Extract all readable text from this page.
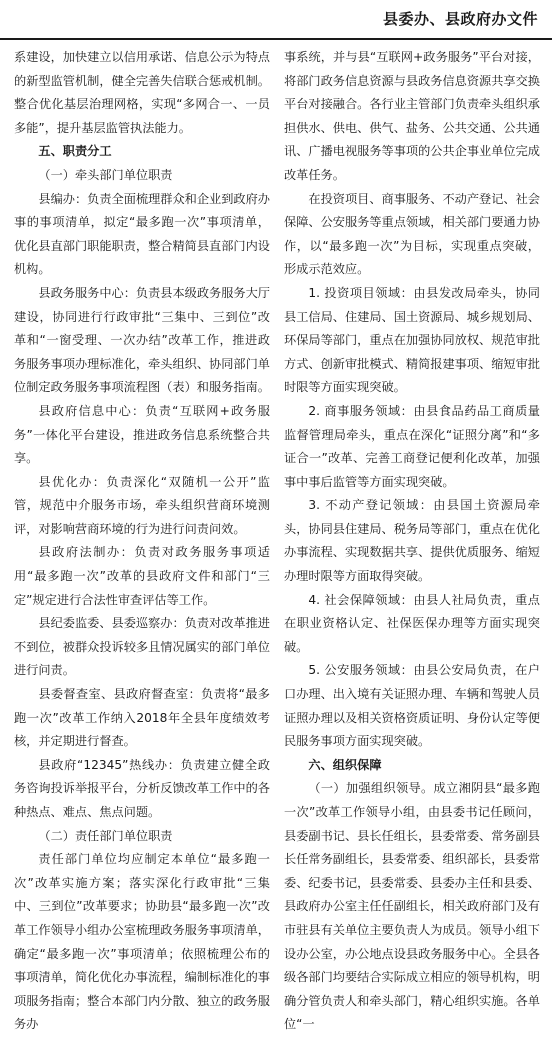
县委办、县政府办文件

系建设，加快建立以信用承诺、信息公示为特点的新型监管机制，健全完善失信联合惩戒机制。整合优化基层治理网格，实现“多网合一、一员多能”，提升基层监管执法能力。

五、职责分工

（一）牵头部门单位职责

县编办：负责全面梳理群众和企业到政府办事的事项清单，拟定“最多跑一次”事项清单，优化县直部门职能职责，整合精简县直部门内设机构。

县政务服务中心：负责县本级政务服务大厅建设，协同进行行政审批“三集中、三到位”改革和“一窗受理、一次办结”改革工作，推进政务服务事项办理标准化，牵头组织、协同部门单位制定政务服务事项流程图（表）和服务指南。

县政府信息中心：负责“互联网+政务服务”一体化平台建设，推进政务信息系统整合共享。

县优化办：负责深化“双随机一公开”监管，规范中介服务市场，牵头组织营商环境测评，对影响营商环境的行为进行问责问效。

县政府法制办：负责对政务服务事项适用“最多跑一次”改革的县政府文件和部门“三定”规定进行合法性审查评估等工作。

县纪委监委、县委巡察办：负责对改革推进不到位，被群众投诉较多且情况属实的部门单位进行问责。

县委督查室、县政府督查室：负责将“最多跑一次”改革工作纳入2018年全县年度绩效考核，并定期进行督查。

县政府“12345”热线办：负责建立健全政务咨询投诉举报平台，分析反馈改革工作中的各种热点、难点、焦点问题。

（二）责任部门单位职责

责任部门单位均应制定本单位“最多跑一次”改革实施方案；落实深化行政审批“三集中、三到位”改革要求；协助县“最多跑一次”改革工作领导小组办公室梳理政务服务事项清单，确定“最多跑一次”事项清单；依照梳理公布的事项清单，简化优化办事流程，编制标准化的事项服务指南；整合本部门内分散、独立的政务服务办

事系统，并与县“互联网+政务服务”平台对接，将部门政务信息资源与县政务信息资源共享交换平台对接融合。各行业主管部门负责牵头组织承担供水、供电、供气、盐务、公共交通、公共通讯、广播电视服务等事项的公共企事业单位完成改革任务。

在投资项目、商事服务、不动产登记、社会保障、公安服务等重点领域，相关部门要通力协作，以“最多跑一次”为目标，实现重点突破，形成示范效应。

1. 投资项目领域：由县发改局牵头，协同县工信局、住建局、国土资源局、城乡规划局、环保局等部门，重点在加强协同放权、规范审批方式、创新审批模式、精简报建事项、缩短审批时限等方面实现突破。

2. 商事服务领域：由县食品药品工商质量监督管理局牵头，重点在深化“证照分离”和“多证合一”改革、完善工商登记便利化改革，加强事中事后监管等方面实现突破。

3. 不动产登记领域：由县国土资源局牵头，协同县住建局、税务局等部门，重点在优化办事流程、实现数据共享、提供优质服务、缩短办理时限等方面取得突破。

4. 社会保障领域：由县人社局负责，重点在职业资格认定、社保医保办理等方面实现突破。

5. 公安服务领域：由县公安局负责，在户口办理、出入境有关证照办理、车辆和驾驶人员证照办理以及相关资格资质证明、身份认定等便民服务事项方面实现突破。

六、组织保障

（一）加强组织领导。成立湘阴县“最多跑一次”改革工作领导小组，由县委书记任顾问，县委副书记、县长任组长，县委常委、常务副县长任常务副组长，县委常委、组织部长，县委常委、纪委书记，县委常委、县委办主任和县委、县政府办公室主任任副组长，相关政府部门及有市驻县有关单位主要负责人为成员。领导小组下设办公室，办公地点设县政务服务中心。全县各级各部门均要结合实际成立相应的领导机构，明确分管负责人和牵头部门，精心组织实施。各单位“一
